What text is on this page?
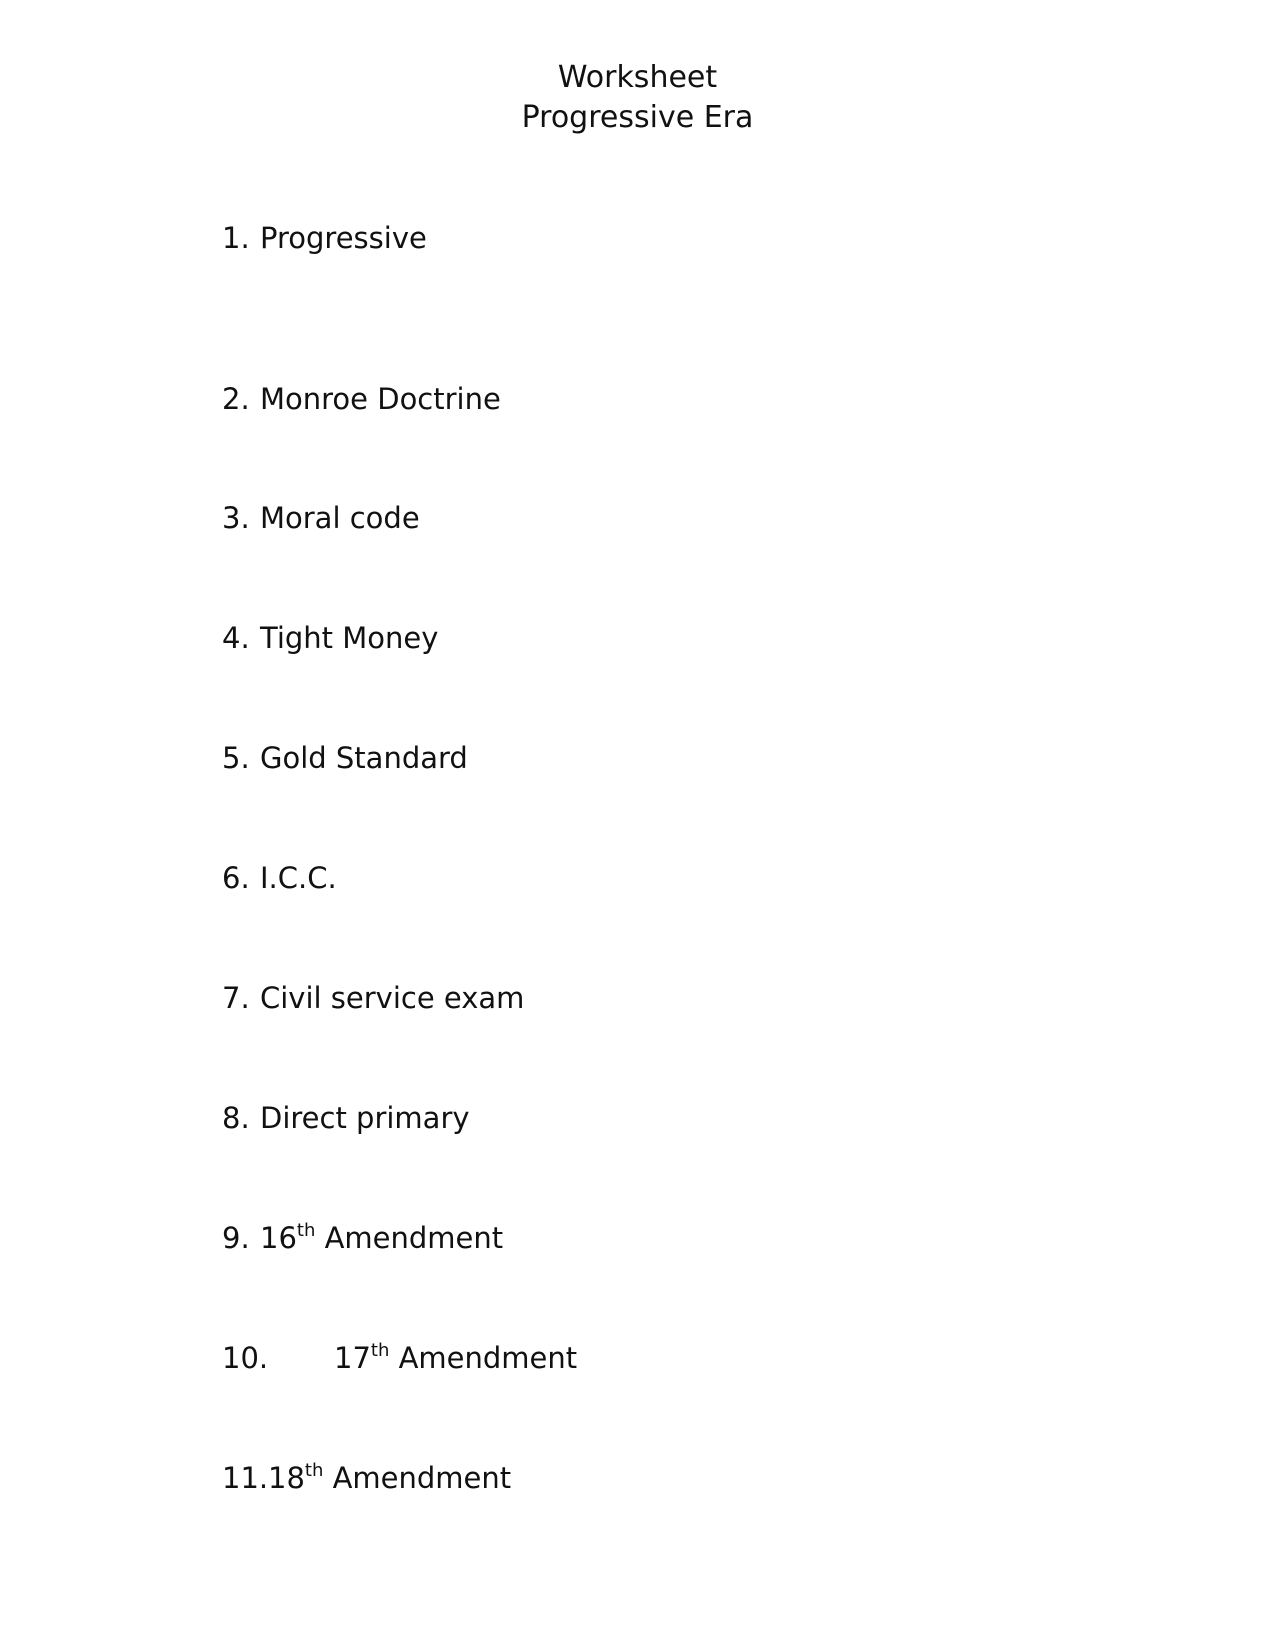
Worksheet
Progressive Era
1. Progressive
2. Monroe Doctrine
3. Moral code
4. Tight Money
5. Gold Standard
6. I.C.C.
7. Civil service exam
8. Direct primary
9. 16th Amendment
10. 17th Amendment
11.18th Amendment
